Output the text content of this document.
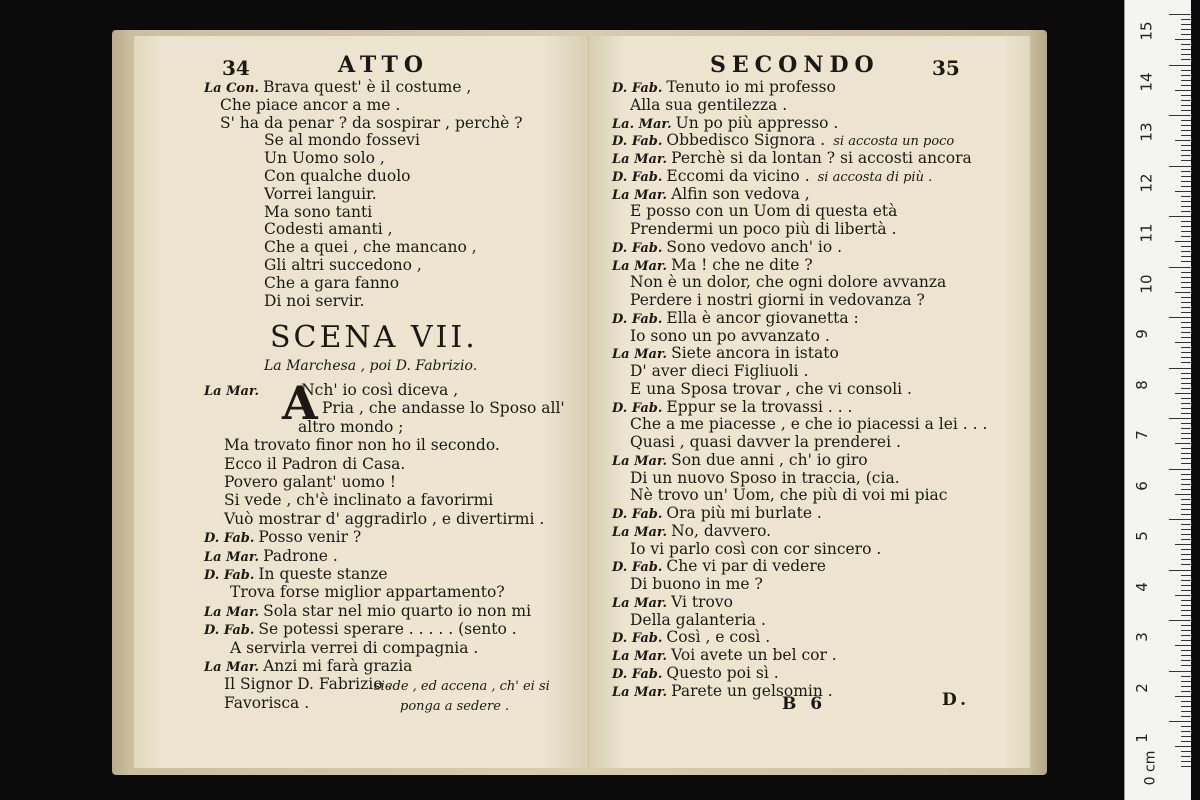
34	ATTO
La Con. Brava quest' è il costume ,
Che piace ancor a me .
S' ha da penar ? da sospirar , perchè ?
Se al mondo fossevi
Un Uomo solo ,
Con qualche duolo
Vorrei languir.
Ma sono tanti
Codesti amanti ,
Che a quei , che mancano ,
Gli altri succedono ,
Che a gara fanno
Di noi servir.
SCENA VII.
La Marchesa , poi D. Fabrizio.
A
La Mar.	Nch' io così diceva ,
Pria , che andasse lo Sposo all'
altro mondo ;
Ma trovato finor non ho il secondo.
Ecco il Padron di Casa.
Povero galant' uomo !
Si vede , ch'è inclinato a favorirmi
Vuò mostrar d' aggradirlo , e divertirmi .
D. Fab. Posso venir ?
La Mar. Padrone .
D. Fab. In queste stanze
Trova forse miglior appartamento?
La Mar. Sola star nel mio quarto io non mi
D. Fab. Se potessi sperare . . . . . (sento .
A servirla verrei di compagnia .
La Mar. Anzi mi farà grazia
Il Signor D. Fabrizio .
Favorisca .
siede , ed accena , ch' ei si
ponga a sedere .
SECONDO	35
D. Fab. Tenuto io mi professo
Alla sua gentilezza .
La. Mar. Un po più appresso .
D. Fab. Obbedisco Signora . si accosta un poco
La Mar. Perchè si da lontan ? si accosti ancora
D. Fab. Eccomi da vicino . si accosta di più .
La Mar. Alfin son vedova ,
E posso con un Uom di questa età
Prendermi un poco più di libertà .
D. Fab. Sono vedovo anch' io .
La Mar. Ma ! che ne dite ?
Non è un dolor, che ogni dolore avvanza
Perdere i nostri giorni in vedovanza ?
D. Fab. Ella è ancor giovanetta :
Io sono un po avvanzato .
La Mar. Siete ancora in istato
D' aver dieci Figliuoli .
E una Sposa trovar , che vi consoli .
D. Fab. Eppur se la trovassi . . .
Che a me piacesse , e che io piacessi a lei . . .
Quasi , quasi davver la prenderei .
La Mar. Son due anni , ch' io giro
Di un nuovo Sposo in traccia, (cia.
Nè trovo un' Uom, che più di voi mi piac
D. Fab. Ora più mi burlate .
La Mar. No, davvero.
Io vi parlo così con cor sincero .
D. Fab. Che vi par di vedere
Di buono in me ?
La Mar. Vi trovo
Della galanteria .
D. Fab. Così , e così .
La Mar. Voi avete un bel cor .
D. Fab. Questo poi sì .
La Mar. Parete un gelsomin .
B 6	D.
15
14
13
12
11
10
9
8
7
6
5
4
3
2
1
0 cm
